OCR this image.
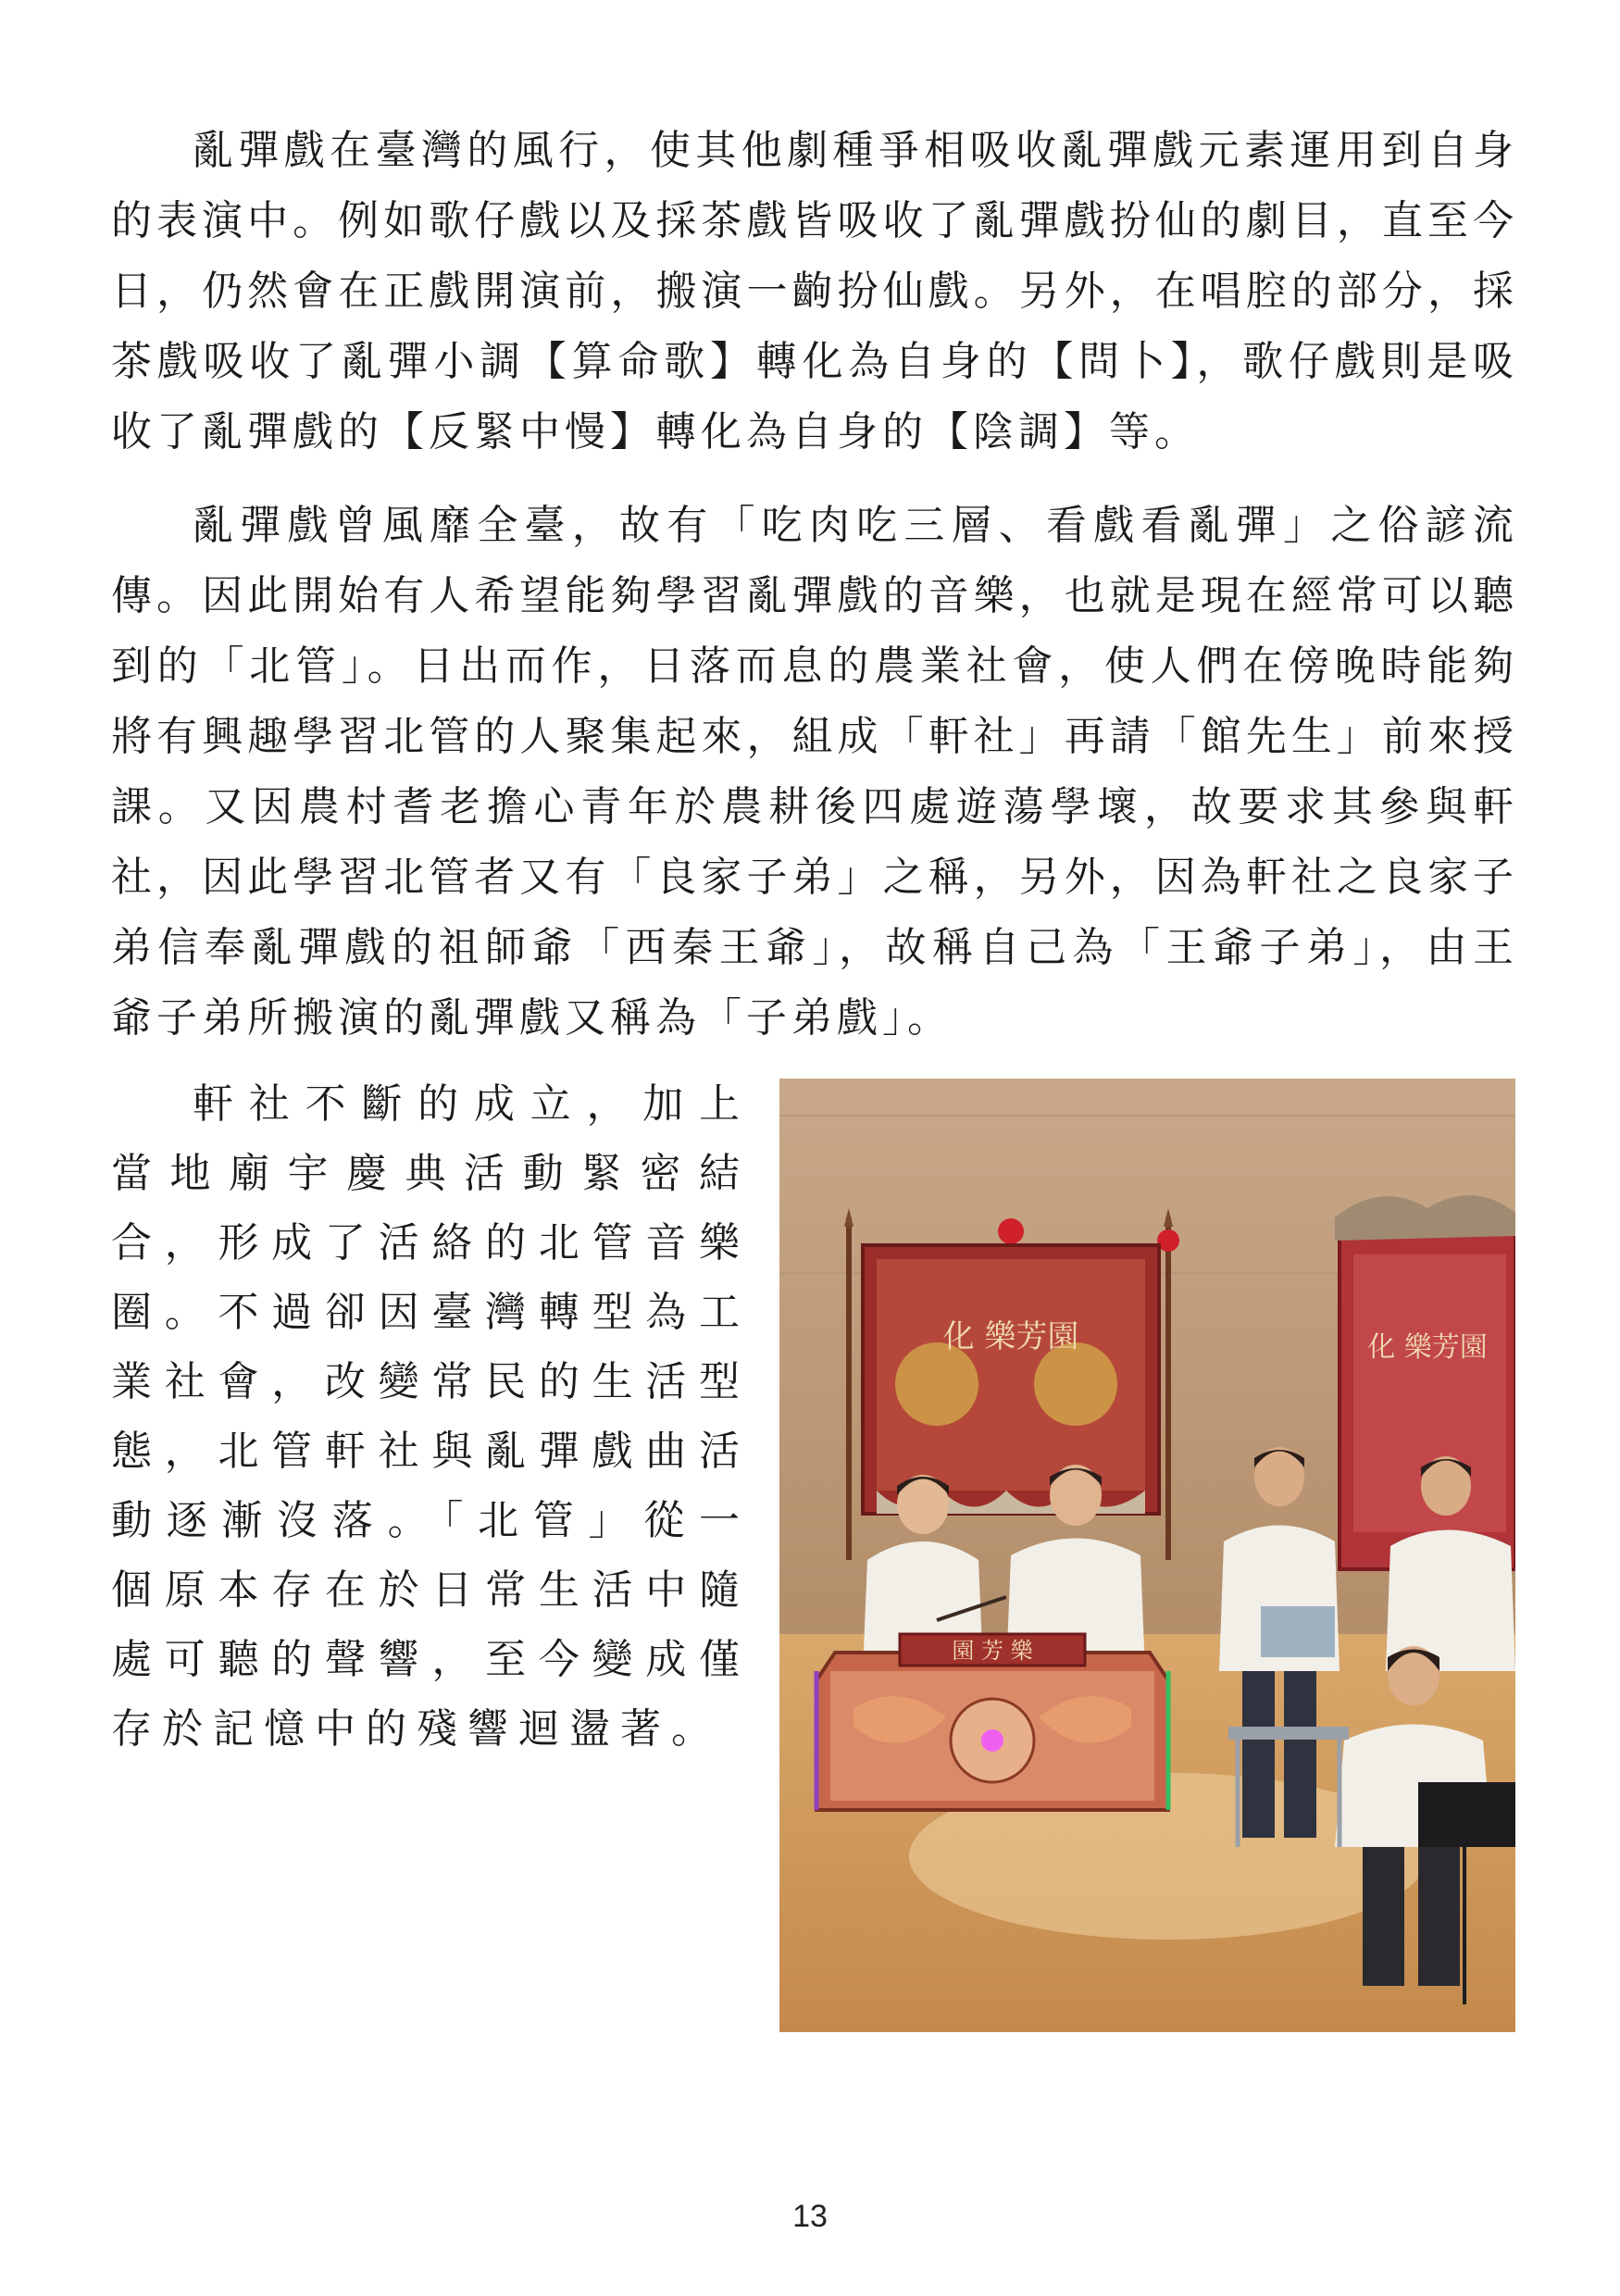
亂彈戲在臺灣的風行，使其他劇種爭相吸收亂彈戲元素運用到自身的表演中。例如歌仔戲以及採茶戲皆吸收了亂彈戲扮仙的劇目，直至今日，仍然會在正戲開演前，搬演一齣扮仙戲。另外，在唱腔的部分，採茶戲吸收了亂彈小調【算命歌】轉化為自身的【問卜】，歌仔戲則是吸收了亂彈戲的【反緊中慢】轉化為自身的【陰調】等。

亂彈戲曾風靡全臺，故有「吃肉吃三層、看戲看亂彈」之俗諺流傳。因此開始有人希望能夠學習亂彈戲的音樂，也就是現在經常可以聽到的「北管」。日出而作，日落而息的農業社會，使人們在傍晚時能夠將有興趣學習北管的人聚集起來，組成「軒社」再請「館先生」前來授課。又因農村耆老擔心青年於農耕後四處遊蕩學壞，故要求其參與軒社，因此學習北管者又有「良家子弟」之稱，另外，因為軒社之良家子弟信奉亂彈戲的祖師爺「西秦王爺」，故稱自己為「王爺子弟」，由王爺子弟所搬演的亂彈戲又稱為「子弟戲」。

軒社不斷的成立，加上當地廟宇慶典活動緊密結合，形成了活絡的北管音樂圈。不過卻因臺灣轉型為工業社會，改變常民的生活型態，北管軒社與亂彈戲曲活動逐漸沒落。「北管」從一個原本存在於日常生活中隨處可聽的聲響，至今變成僅存於記憶中的殘響迴盪著。

化 樂芳園	化 樂芳園
園 芳 樂
13
